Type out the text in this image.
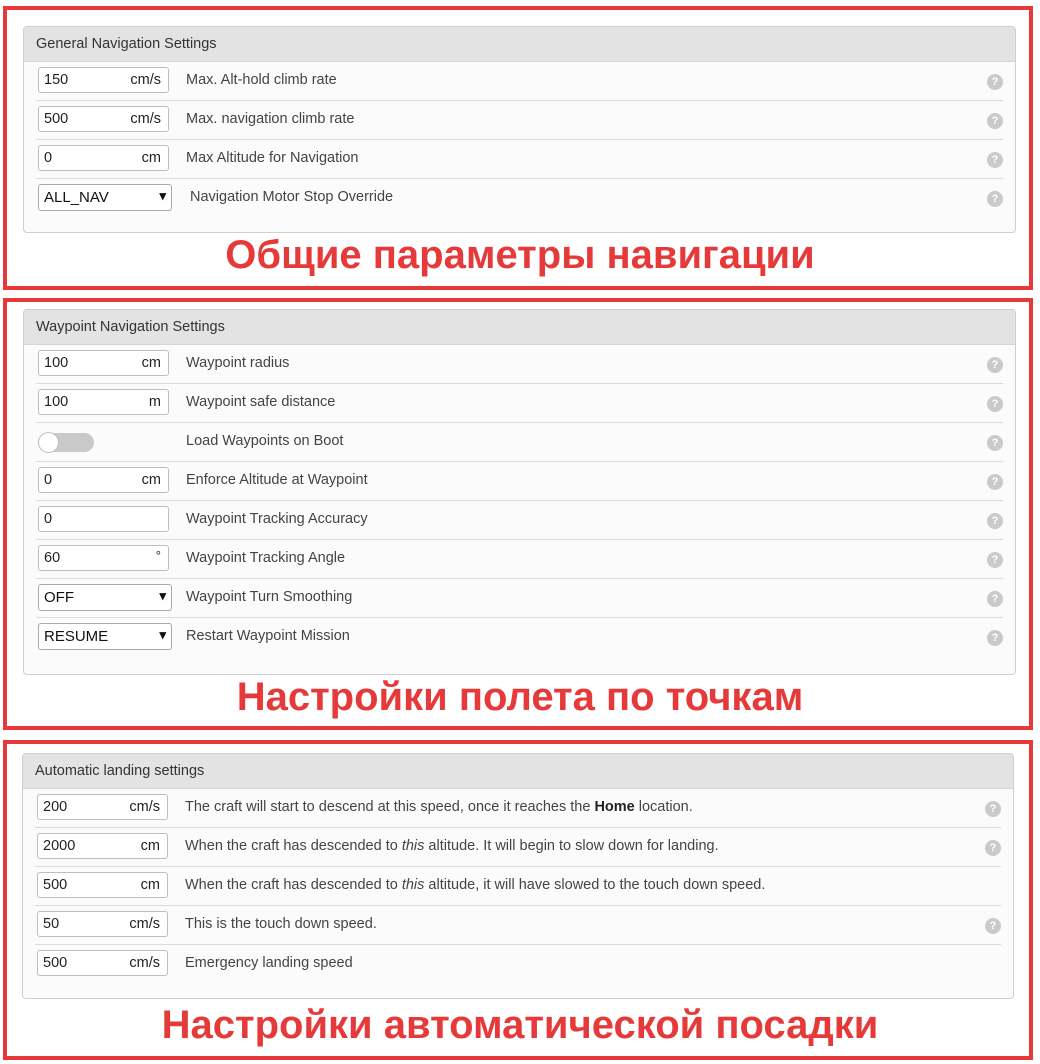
General Navigation Settings
150	cm/s Max. Alt-hold climb rate	?
500	cm/s Max. navigation climb rate	?
0	cm Max Altitude for Navigation	?
ALL_NAV	▾ Navigation Motor Stop Override	?
Общие параметры навигации
Waypoint Navigation Settings
100	cm Waypoint radius	?
100	m Waypoint safe distance	?
Load Waypoints on Boot	?
0	cm Enforce Altitude at Waypoint	?
0	Waypoint Tracking Accuracy	?
60	° Waypoint Tracking Angle	?
OFF	▾ Waypoint Turn Smoothing	?
RESUME	▾ Restart Waypoint Mission	?
Настройки полета по точкам
Automatic landing settings
200	cm/s The craft will start to descend at this speed, once it reaches the Home location.	?
2000	cm When the craft has descended to this altitude. It will begin to slow down for landing.	?
500	cm When the craft has descended to this altitude, it will have slowed to the touch down speed.
50	cm/s This is the touch down speed.	?
500	cm/s Emergency landing speed
Настройки автоматической посадки
